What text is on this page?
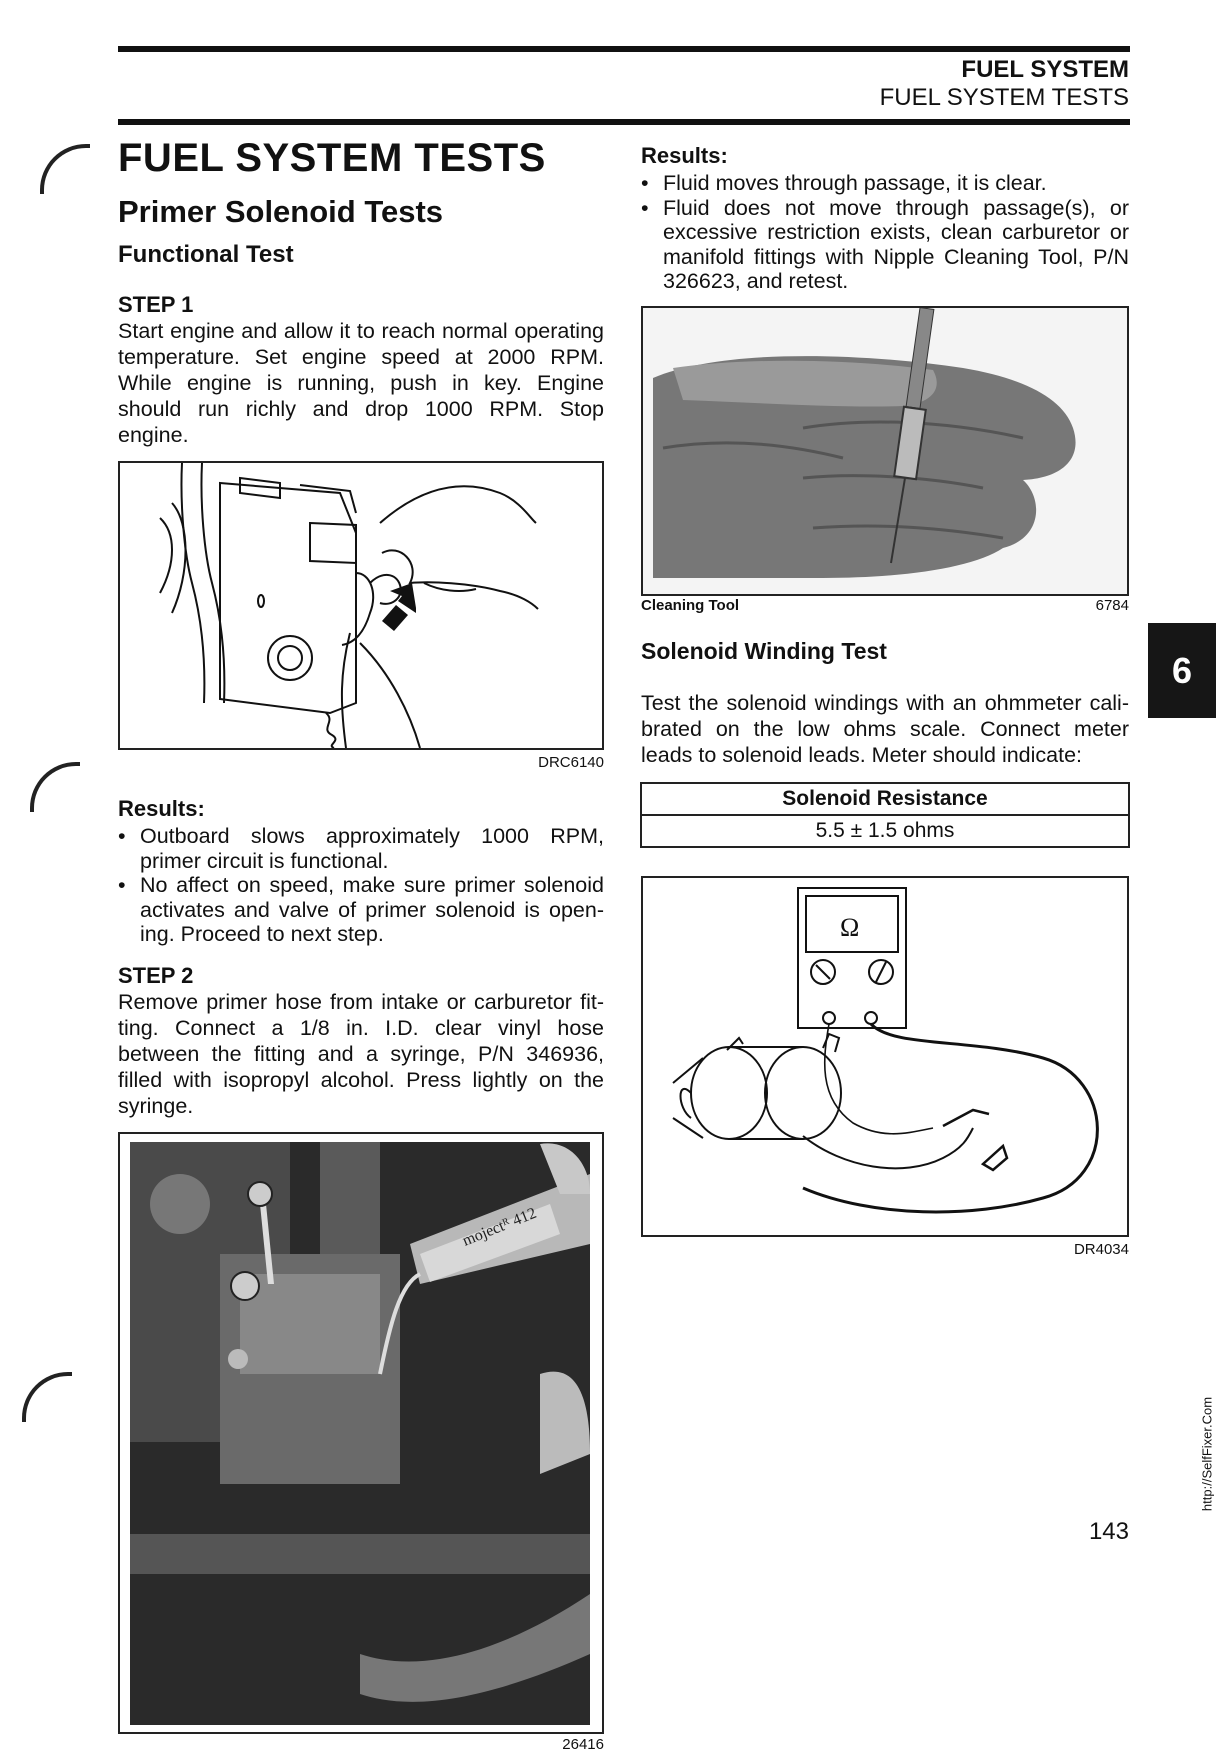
FUEL SYSTEM
FUEL SYSTEM TESTS
FUEL SYSTEM TESTS
Primer Solenoid Tests
Functional Test
STEP 1
Start engine and allow it to reach normal operating temperature. Set engine speed at 2000 RPM. While engine is running, push in key. Engine should run richly and drop 1000 RPM. Stop engine.
DRC6140
Results:
• Outboard slows approximately 1000 RPM, primer circuit is functional.
• No affect on speed, make sure primer solenoid activates and valve of primer solenoid is open-ing. Proceed to next step.
STEP 2
Remove primer hose from intake or carburetor fit-ting. Connect a 1/8 in. I.D. clear vinyl hose between the fitting and a syringe, P/N 346936, filled with isopropyl alcohol. Press lightly on the syringe.
mojectᴿ 412
26416
Results:
• Fluid moves through passage, it is clear.
• Fluid does not move through passage(s), or excessive restriction exists, clean carburetor or manifold fittings with Nipple Cleaning Tool, P/N 326623, and retest.
Cleaning Tool	6784
Solenoid Winding Test
Test the solenoid windings with an ohmmeter cali-brated on the low ohms scale. Connect meter leads to solenoid leads. Meter should indicate:
Solenoid Resistance
5.5 ± 1.5 ohms
Ω
DR4034
6
143
http://SelfFixer.Com
